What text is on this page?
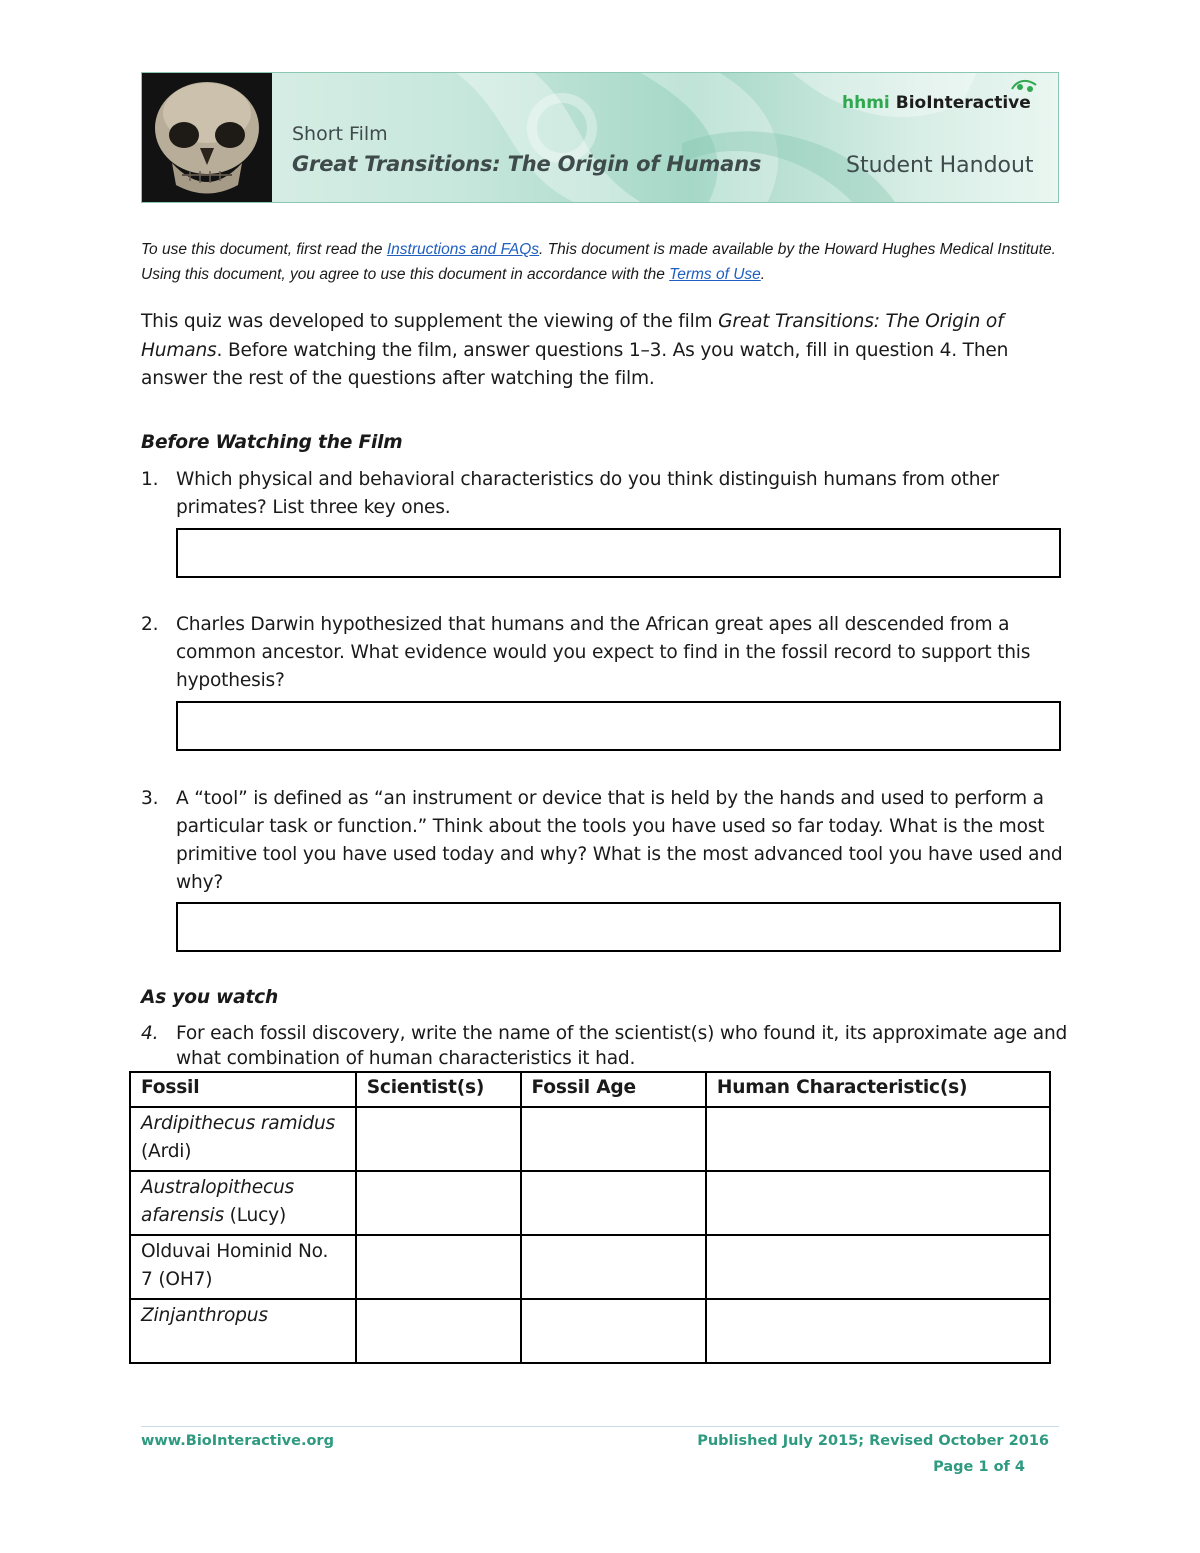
Short Film
Great Transitions: The Origin of Humans
hhmi BioInteractive
Student Handout
To use this document, first read the Instructions and FAQs. This document is made available by the Howard Hughes Medical Institute. Using this document, you agree to use this document in accordance with the Terms of Use.
This quiz was developed to supplement the viewing of the film Great Transitions: The Origin of Humans. Before watching the film, answer questions 1–3. As you watch, fill in question 4. Then answer the rest of the questions after watching the film.
Before Watching the Film
1. Which physical and behavioral characteristics do you think distinguish humans from other primates? List three key ones.
2. Charles Darwin hypothesized that humans and the African great apes all descended from a common ancestor. What evidence would you expect to find in the fossil record to support this hypothesis?
3. A “tool” is defined as “an instrument or device that is held by the hands and used to perform a particular task or function.” Think about the tools you have used so far today. What is the most primitive tool you have used today and why? What is the most advanced tool you have used and why?
As you watch
4. For each fossil discovery, write the name of the scientist(s) who found it, its approximate age and what combination of human characteristics it had.
Fossil	Scientist(s)	Fossil Age	Human Characteristic(s)
Ardipithecus ramidus (Ardi)			
Australopithecus afarensis (Lucy)			
Olduvai Hominid No. 7 (OH7)			
Zinjanthropus			
www.BioInteractive.org	Published July 2015; Revised October 2016
Page 1 of 4
